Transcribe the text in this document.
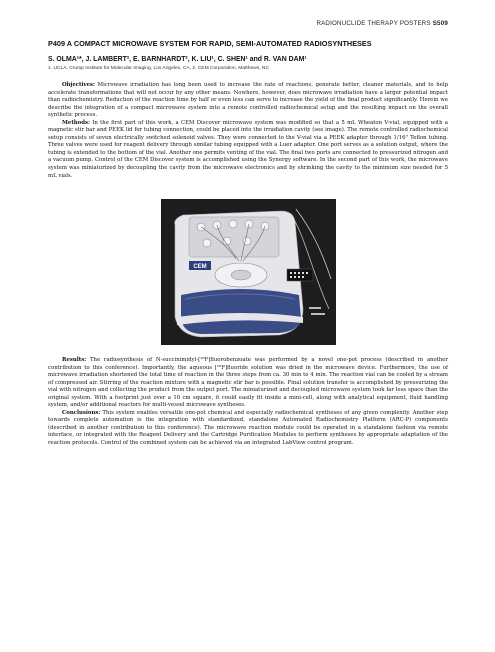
RADIONUCLIDE THERAPY POSTERS S509
P409 A COMPACT MICROWAVE SYSTEM FOR RAPID, SEMI-AUTOMATED RADIOSYNTHESES

S. OLMA¹*, J. LAMBERT², E. BARNHARDT², K. LIU¹, C. SHEN¹ and R. VAN DAM¹

1. UCLA, Crump Institute for Molecular Imaging, Los Angeles, CA, 2. CEM Corporation, Matthews, NC

Objectives: Microwave irradiation has long been used to increase the rate of reactions, generate better, cleaner materials, and to help accelerate transformations that will not occur by any other means. Nowhere, however, does microwave irradiation have a larger potential impact than radiochemistry. Reduction of the reaction time by half or even less can serve to increase the yield of the final product significantly. Herein we describe the integration of a compact microwave system into a remote controlled radiochemical setup and the resulting impact on the overall synthetic process.

Methods: In the first part of this work, a CEM Discover microwave system was modified so that a 5 mL Wheaton V-vial, equipped with a magnetic stir bar and PEEK lid for tubing connection, could be placed into the irradiation cavity (see image). The remote controlled radiochemical setup consists of seven electrically switched solenoid valves. They were connected to the V-vial via a PEEK adapter through 1/16" Teflon tubing. Three valves were used for reagent delivery through similar tubing equipped with a Luer adapter. One port serves as a solution output, where the tubing is extended to the bottom of the vial. Another one permits venting of the vial. The final two ports are connected to pressurized nitrogen and a vacuum pump. Control of the CEM Discover system is accomplished using the Synergy software. In the second part of this work, the microwave system was miniaturized by decoupling the cavity from the microwave electronics and by shrinking the cavity to the minimum size needed for 5 mL vials.

CEM

Results: The radiosynthesis of N-succinimidyl-[¹⁸F]fluorobenzoate was performed by a novel one-pot process (described in another contribution to this conference). Importantly, the aqueous [¹⁸F]fluoride solution was dried in the microwave device. Furthermore, the use of microwave irradiation shortened the total time of reaction in the three steps from ca. 30 min to 4 min. The reaction vial can be cooled by a stream of compressed air. Stirring of the reaction mixture with a magnetic stir bar is possible. Final solution transfer is accomplished by pressurizing the vial with nitrogen and collecting the product from the output port. The miniaturized and decoupled microwave system took far less space than the original system. With a footprint just over a 10 cm square, it could easily fit inside a mini-cell, along with analytical equipment, fluid handling system, and/or additional reactors for multi-vessel microwave syntheses.

Conclusions: This system enables versatile one-pot chemical and especially radiochemical syntheses of any given complexity. Another step towards complete automation is the integration with standardized, standalone Automated Radiochemistry Platform (ARC-P) components (described in another contribution to this conference). The microwave reaction module could be operated in a standalone fashion via remote interface, or integrated with the Reagent Delivery and the Cartridge Purification Modules to perform syntheses by appropriate adaptation of the reaction protocols. Control of the combined system can be achieved via an integrated LabView control program.
